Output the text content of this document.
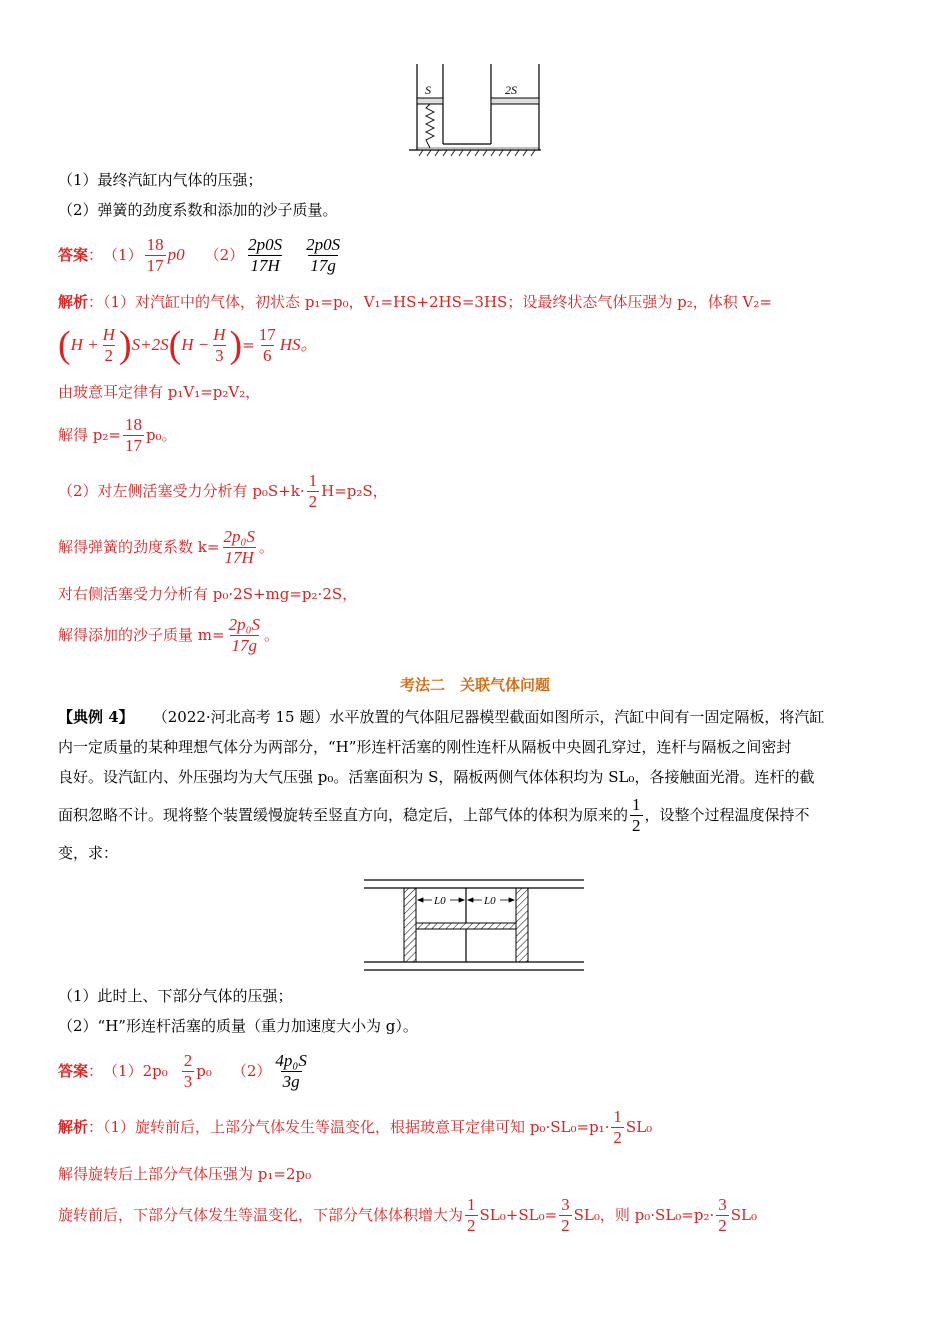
S	2S
（1）最终汽缸内气体的压强；
（2）弹簧的劲度系数和添加的沙子质量。
答案 ： $(1) \frac{18}{17} p0$ $(2) \frac{2p0S}{17H} \frac{2p0S}{17g}$
解析：（1）对汽缸中的气体，初状态 p₁=p₀，V₁=HS+2HS=3HS；设最终状态气体压强为 p₂，体积 V₂=
( $H + \frac{H}{2}$ ) S+2S ( $H - \frac{H}{3}$ ) = $\frac{17}{6}$ HS。
由玻意耳定律有 p₁V₁=p₂V₂，
解得 $p_2= \frac{18}{17} p_0$。
（2）对左侧活塞受力分析有 $p_0S+k\cdot \frac{1}{2} H=p_2S$，
解得弹簧的劲度系数 $k= \frac{\text{2p₀S}}{17H}$ 。
对右侧活塞受力分析有 p₀·2S+mg=p₂·2S，
解得添加的沙子质量 $m= \frac{\text{2p₀S}}{17g}$ 。
考法二　关联气体问题
【典例 4】 （2022·河北高考 15 题）水平放置的气体阻尼器模型截面如图所示，汽缸中间有一固定隔板，将汽缸
内一定质量的某种理想气体分为两部分，“H”形连杆活塞的刚性连杆从隔板中央圆孔穿过，连杆与隔板之间密封
良好。设汽缸内、外压强均为大气压强 p₀。活塞面积为 S，隔板两侧气体体积均为 SL₀，各接触面光滑。连杆的截
面积忽略不计。现将整个装置缓慢旋转至竖直方向，稳定后，上部气体的体积为原来的 $\frac{1}{2}$ ，设整个过程温度保持不
变，求：
L0	L0
（1）此时上、下部分气体的压强；
（2）“H”形连杆活塞的质量（重力加速度大小为 g）。
答案 ： $(1)2p_0 \frac{2}{3} p_0$ $(2) \frac{\text{4p₀S}}{3g}$
解析 ：（1）旋转前后，上部分气体发生等温变化，根据玻意耳定律可知 $p_0\cdot SL_0=p_1\cdot \frac{1}{2} SL_0$
解得旋转后上部分气体压强为 p₁=2p₀
旋转前后，下部分气体发生等温变化，下部分气体体积增大为 $\frac{1}{2} SL_0+SL_0= \frac{3}{2} SL_0$，则 $p_0\cdot SL_0=p_2\cdot \frac{3}{2} SL_0$
